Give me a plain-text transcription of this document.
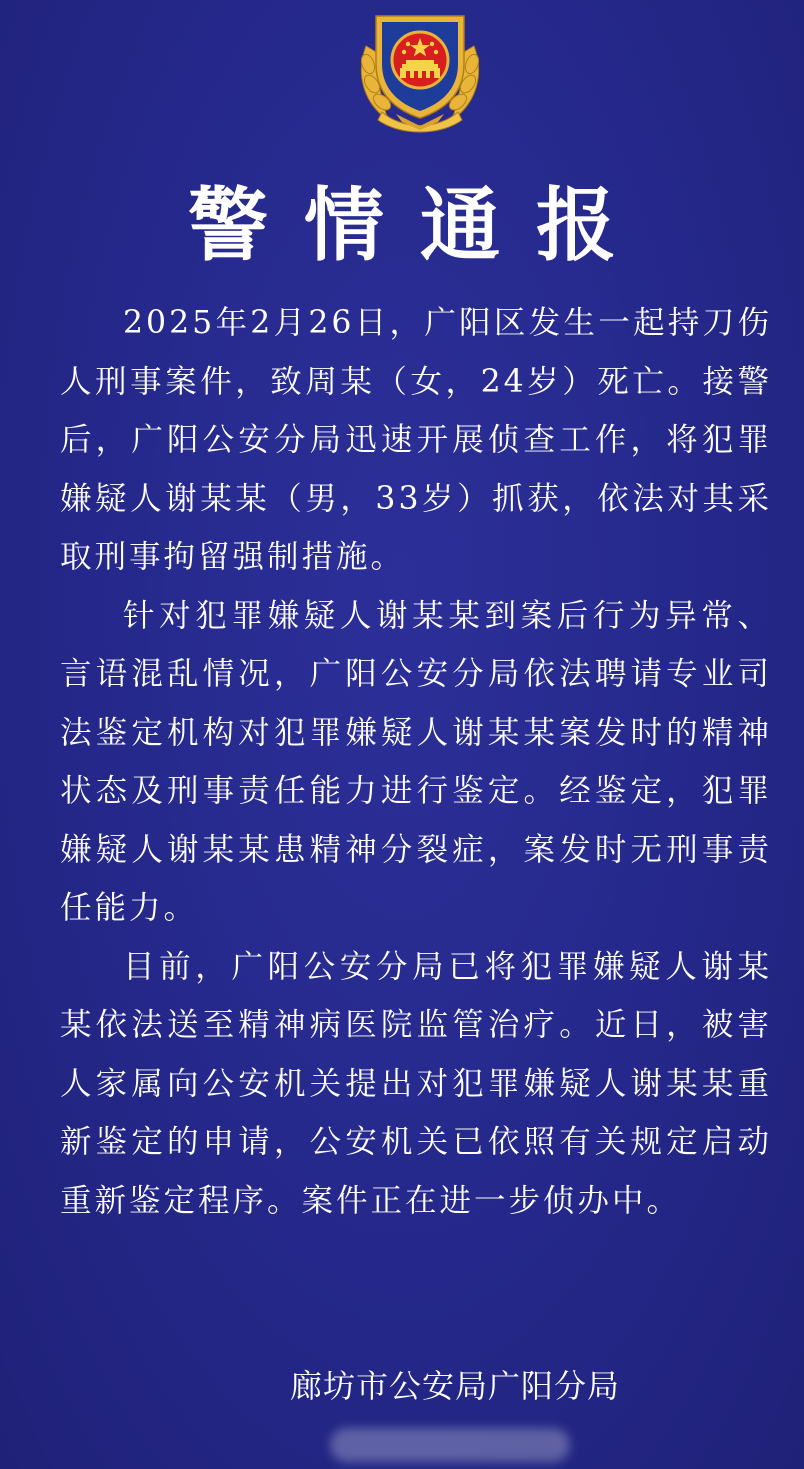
警情通报

2025年2月26日，广阳区发生一起持刀伤人刑事案件，致周某（女，24岁）死亡。接警后，广阳公安分局迅速开展侦查工作，将犯罪嫌疑人谢某某（男，33岁）抓获，依法对其采取刑事拘留强制措施。

针对犯罪嫌疑人谢某某到案后行为异常、言语混乱情况，广阳公安分局依法聘请专业司法鉴定机构对犯罪嫌疑人谢某某案发时的精神状态及刑事责任能力进行鉴定。经鉴定，犯罪嫌疑人谢某某患精神分裂症，案发时无刑事责任能力。

目前，广阳公安分局已将犯罪嫌疑人谢某某依法送至精神病医院监管治疗。近日，被害人家属向公安机关提出对犯罪嫌疑人谢某某重新鉴定的申请，公安机关已依照有关规定启动重新鉴定程序。案件正在进一步侦办中。

廊坊市公安局广阳分局
